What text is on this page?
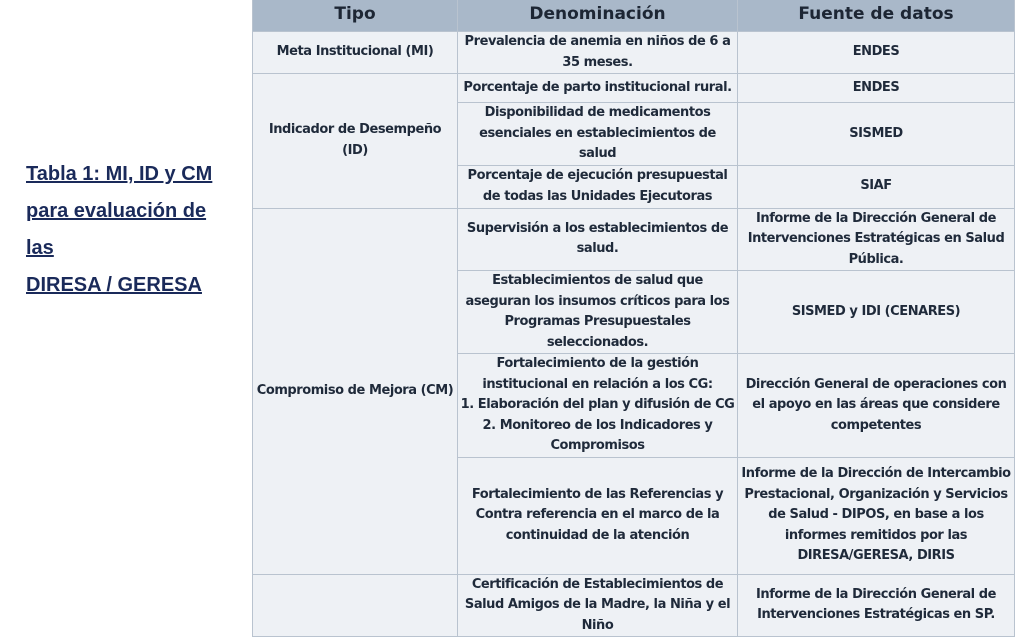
Tabla 1: MI, ID y CM
para evaluación de las
DIRESA / GERESA
Tipo	Denominación	Fuente de datos
Meta Institucional (MI)	Prevalencia de anemia en niños de 6 a 35 meses.	ENDES
Indicador de Desempeño (ID)	Porcentaje de parto institucional rural.	ENDES
	Disponibilidad de medicamentos esenciales en establecimientos de salud	SISMED
	Porcentaje de ejecución presupuestal de todas las Unidades Ejecutoras	SIAF
Compromiso de Mejora (CM)	Supervisión a los establecimientos de salud.	Informe de la Dirección General de Intervenciones Estratégicas en Salud Pública.
	Establecimientos de salud que aseguran los insumos críticos para los Programas Presupuestales seleccionados.	SISMED y IDI (CENARES)
	Fortalecimiento de la gestión institucional en relación a los CG:
1. Elaboración del plan y difusión de CG
2. Monitoreo de los Indicadores y Compromisos	Dirección General de operaciones con el apoyo en las áreas que considere competentes
	Fortalecimiento de las Referencias y Contra referencia en el marco de la continuidad de la atención	Informe de la Dirección de Intercambio Prestacional, Organización y Servicios de Salud - DIPOS, en base a los informes remitidos por las DIRESA/GERESA, DIRIS
	Certificación de Establecimientos de Salud Amigos de la Madre, la Niña y el Niño	Informe de la Dirección General de Intervenciones Estratégicas en SP.
